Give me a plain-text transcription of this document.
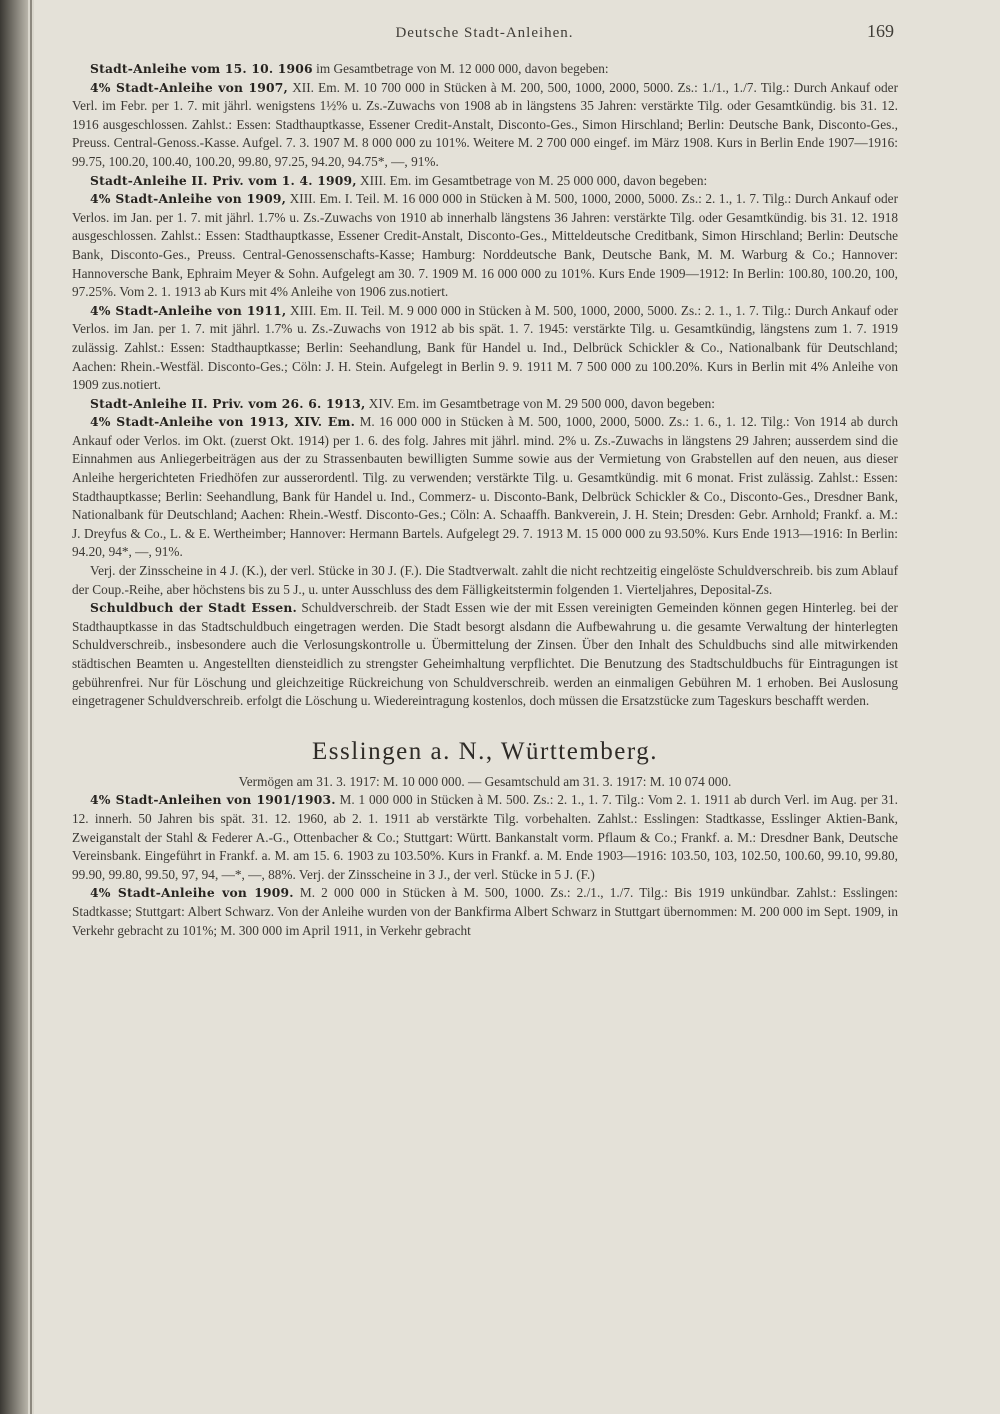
Deutsche Stadt-Anleihen.	169

Stadt-Anleihe vom 15. 10. 1906 im Gesamtbetrage von M. 12 000 000, davon begeben:

4% Stadt-Anleihe von 1907, XII. Em. M. 10 700 000 in Stücken à M. 200, 500, 1000, 2000, 5000. Zs.: 1./1., 1./7. Tilg.: Durch Ankauf oder Verl. im Febr. per 1. 7. mit jährl. wenigstens 1½% u. Zs.-Zuwachs von 1908 ab in längstens 35 Jahren: verstärkte Tilg. oder Gesamtkündig. bis 31. 12. 1916 ausgeschlossen. Zahlst.: Essen: Stadthauptkasse, Essener Credit-Anstalt, Disconto-Ges., Simon Hirschland; Berlin: Deutsche Bank, Disconto-Ges., Preuss. Central-Genoss.-Kasse. Aufgel. 7. 3. 1907 M. 8 000 000 zu 101%. Weitere M. 2 700 000 eingef. im März 1908. Kurs in Berlin Ende 1907—1916: 99.75, 100.20, 100.40, 100.20, 99.80, 97.25, 94.20, 94.75*, —, 91%.

Stadt-Anleihe II. Priv. vom 1. 4. 1909, XIII. Em. im Gesamtbetrage von M. 25 000 000, davon begeben:

4% Stadt-Anleihe von 1909, XIII. Em. I. Teil. M. 16 000 000 in Stücken à M. 500, 1000, 2000, 5000. Zs.: 2. 1., 1. 7. Tilg.: Durch Ankauf oder Verlos. im Jan. per 1. 7. mit jährl. 1.7% u. Zs.-Zuwachs von 1910 ab innerhalb längstens 36 Jahren: verstärkte Tilg. oder Gesamtkündig. bis 31. 12. 1918 ausgeschlossen. Zahlst.: Essen: Stadthauptkasse, Essener Credit-Anstalt, Disconto-Ges., Mitteldeutsche Creditbank, Simon Hirschland; Berlin: Deutsche Bank, Disconto-Ges., Preuss. Central-Genossenschafts-Kasse; Hamburg: Norddeutsche Bank, Deutsche Bank, M. M. Warburg & Co.; Hannover: Hannoversche Bank, Ephraim Meyer & Sohn. Aufgelegt am 30. 7. 1909 M. 16 000 000 zu 101%. Kurs Ende 1909—1912: In Berlin: 100.80, 100.20, 100, 97.25%. Vom 2. 1. 1913 ab Kurs mit 4% Anleihe von 1906 zus.notiert.

4% Stadt-Anleihe von 1911, XIII. Em. II. Teil. M. 9 000 000 in Stücken à M. 500, 1000, 2000, 5000. Zs.: 2. 1., 1. 7. Tilg.: Durch Ankauf oder Verlos. im Jan. per 1. 7. mit jährl. 1.7% u. Zs.-Zuwachs von 1912 ab bis spät. 1. 7. 1945: verstärkte Tilg. u. Gesamtkündig, längstens zum 1. 7. 1919 zulässig. Zahlst.: Essen: Stadthauptkasse; Berlin: Seehandlung, Bank für Handel u. Ind., Delbrück Schickler & Co., Nationalbank für Deutschland; Aachen: Rhein.-Westfäl. Disconto-Ges.; Cöln: J. H. Stein. Aufgelegt in Berlin 9. 9. 1911 M. 7 500 000 zu 100.20%. Kurs in Berlin mit 4% Anleihe von 1909 zus.notiert.

Stadt-Anleihe II. Priv. vom 26. 6. 1913, XIV. Em. im Gesamtbetrage von M. 29 500 000, davon begeben:

4% Stadt-Anleihe von 1913, XIV. Em. M. 16 000 000 in Stücken à M. 500, 1000, 2000, 5000. Zs.: 1. 6., 1. 12. Tilg.: Von 1914 ab durch Ankauf oder Verlos. im Okt. (zuerst Okt. 1914) per 1. 6. des folg. Jahres mit jährl. mind. 2% u. Zs.-Zuwachs in längstens 29 Jahren; ausserdem sind die Einnahmen aus Anliegerbeiträgen aus der zu Strassenbauten bewilligten Summe sowie aus der Vermietung von Grabstellen auf den neuen, aus dieser Anleihe hergerichteten Friedhöfen zur ausserordentl. Tilg. zu verwenden; verstärkte Tilg. u. Gesamtkündig. mit 6 monat. Frist zulässig. Zahlst.: Essen: Stadthauptkasse; Berlin: Seehandlung, Bank für Handel u. Ind., Commerz- u. Disconto-Bank, Delbrück Schickler & Co., Disconto-Ges., Dresdner Bank, Nationalbank für Deutschland; Aachen: Rhein.-Westf. Disconto-Ges.; Cöln: A. Schaaffh. Bankverein, J. H. Stein; Dresden: Gebr. Arnhold; Frankf. a. M.: J. Dreyfus & Co., L. & E. Wertheimber; Hannover: Hermann Bartels. Aufgelegt 29. 7. 1913 M. 15 000 000 zu 93.50%. Kurs Ende 1913—1916: In Berlin: 94.20, 94*, —, 91%.

Verj. der Zinsscheine in 4 J. (K.), der verl. Stücke in 30 J. (F.). Die Stadtverwalt. zahlt die nicht rechtzeitig eingelöste Schuldverschreib. bis zum Ablauf der Coup.-Reihe, aber höchstens bis zu 5 J., u. unter Ausschluss des dem Fälligkeitstermin folgenden 1. Vierteljahres, Deposital-Zs.

Schuldbuch der Stadt Essen. Schuldverschreib. der Stadt Essen wie der mit Essen vereinigten Gemeinden können gegen Hinterleg. bei der Stadthauptkasse in das Stadtschuldbuch eingetragen werden. Die Stadt besorgt alsdann die Aufbewahrung u. die gesamte Verwaltung der hinterlegten Schuldverschreib., insbesondere auch die Verlosungskontrolle u. Übermittelung der Zinsen. Über den Inhalt des Schuldbuchs sind alle mitwirkenden städtischen Beamten u. Angestellten diensteidlich zu strengster Geheimhaltung verpflichtet. Die Benutzung des Stadtschuldbuchs für Eintragungen ist gebührenfrei. Nur für Löschung und gleichzeitige Rückreichung von Schuldverschreib. werden an einmaligen Gebühren M. 1 erhoben. Bei Auslosung eingetragener Schuldverschreib. erfolgt die Löschung u. Wiedereintragung kostenlos, doch müssen die Ersatzstücke zum Tageskurs beschafft werden.

Esslingen a. N., Württemberg.

Vermögen am 31. 3. 1917: M. 10 000 000. — Gesamtschuld am 31. 3. 1917: M. 10 074 000.

4% Stadt-Anleihen von 1901/1903. M. 1 000 000 in Stücken à M. 500. Zs.: 2. 1., 1. 7. Tilg.: Vom 2. 1. 1911 ab durch Verl. im Aug. per 31. 12. innerh. 50 Jahren bis spät. 31. 12. 1960, ab 2. 1. 1911 ab verstärkte Tilg. vorbehalten. Zahlst.: Esslingen: Stadtkasse, Esslinger Aktien-Bank, Zweiganstalt der Stahl & Federer A.-G., Ottenbacher & Co.; Stuttgart: Württ. Bankanstalt vorm. Pflaum & Co.; Frankf. a. M.: Dresdner Bank, Deutsche Vereinsbank. Eingeführt in Frankf. a. M. am 15. 6. 1903 zu 103.50%. Kurs in Frankf. a. M. Ende 1903—1916: 103.50, 103, 102.50, 100.60, 99.10, 99.80, 99.90, 99.80, 99.50, 97, 94, —*, —, 88%. Verj. der Zinsscheine in 3 J., der verl. Stücke in 5 J. (F.)

4% Stadt-Anleihe von 1909. M. 2 000 000 in Stücken à M. 500, 1000. Zs.: 2./1., 1./7. Tilg.: Bis 1919 unkündbar. Zahlst.: Esslingen: Stadtkasse; Stuttgart: Albert Schwarz. Von der Anleihe wurden von der Bankfirma Albert Schwarz in Stuttgart übernommen: M. 200 000 im Sept. 1909, in Verkehr gebracht zu 101%; M. 300 000 im April 1911, in Verkehr gebracht
